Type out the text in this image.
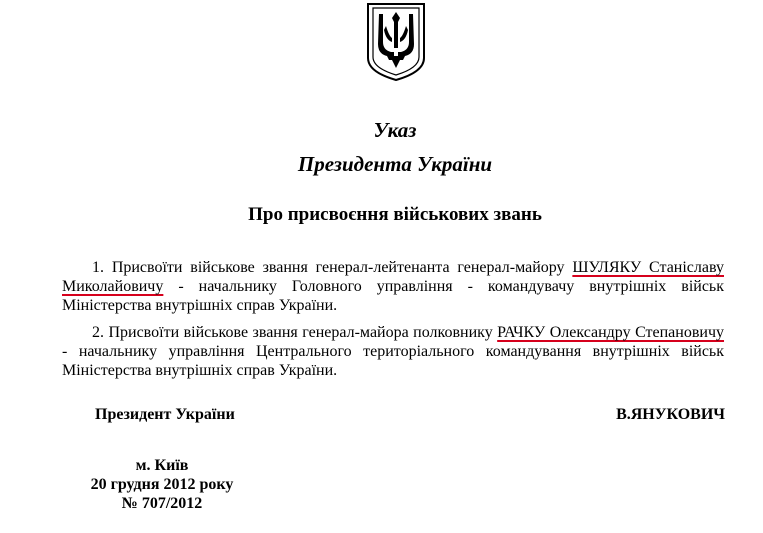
Указ
Президента України
Про присвоєння військових звань
1. Присвоїти військове звання генерал-лейтенанта генерал-майору ШУЛЯКУ Станіславу Миколайовичу - начальнику Головного управління - командувачу внутрішніх військ Міністерства внутрішніх справ України.
2. Присвоїти військове звання генерал-майора полковнику РАЧКУ Олександру Степановичу - начальнику управління Центрального територіального командування внутрішніх військ Міністерства внутрішніх справ України.
Президент України	В.ЯНУКОВИЧ
м. Київ
20 грудня 2012 року
№ 707/2012
